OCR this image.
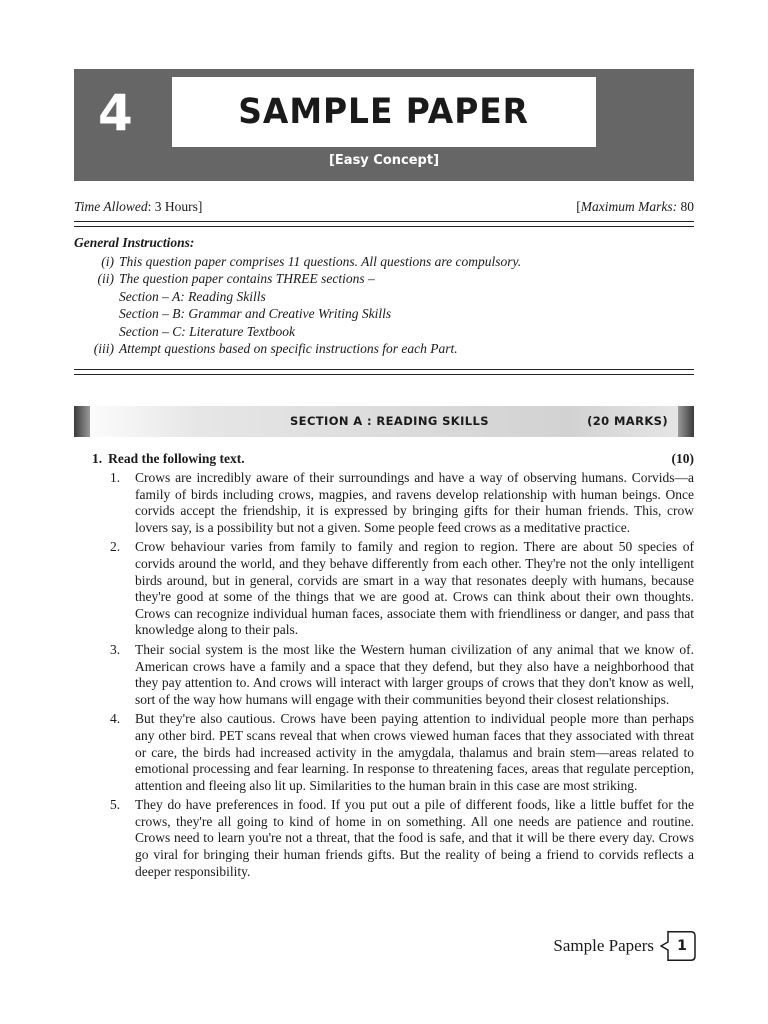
4	SAMPLE PAPER
[Easy Concept]
Time Allowed: 3 Hours]	[Maximum Marks: 80
General Instructions:
(i) This question paper comprises 11 questions. All questions are compulsory.
(ii) The question paper contains THREE sections –
Section – A: Reading Skills
Section – B: Grammar and Creative Writing Skills
Section – C: Literature Textbook
(iii) Attempt questions based on specific instructions for each Part.
SECTION A : READING SKILLS	(20 MARKS)
1. Read the following text.	(10)
1.	Crows are incredibly aware of their surroundings and have a way of observing humans. Corvids—a family of birds including crows, magpies, and ravens develop relationship with human beings. Once corvids accept the friendship, it is expressed by bringing gifts for their human friends. This, crow lovers say, is a possibility but not a given. Some people feed crows as a meditative practice.
2.	Crow behaviour varies from family to family and region to region. There are about 50 species of corvids around the world, and they behave differently from each other. They're not the only intelligent birds around, but in general, corvids are smart in a way that resonates deeply with humans, because they're good at some of the things that we are good at. Crows can think about their own thoughts. Crows can recognize individual human faces, associate them with friendliness or danger, and pass that knowledge along to their pals.
3.	Their social system is the most like the Western human civilization of any animal that we know of. American crows have a family and a space that they defend, but they also have a neighborhood that they pay attention to. And crows will interact with larger groups of crows that they don't know as well, sort of the way how humans will engage with their communities beyond their closest relationships.
4.	But they're also cautious. Crows have been paying attention to individual people more than perhaps any other bird. PET scans reveal that when crows viewed human faces that they associated with threat or care, the birds had increased activity in the amygdala, thalamus and brain stem—areas related to emotional processing and fear learning. In response to threatening faces, areas that regulate perception, attention and fleeing also lit up. Similarities to the human brain in this case are most striking.
5.	They do have preferences in food. If you put out a pile of different foods, like a little buffet for the crows, they're all going to kind of home in on something. All one needs are patience and routine. Crows need to learn you're not a threat, that the food is safe, and that it will be there every day. Crows go viral for bringing their human friends gifts. But the reality of being a friend to corvids reflects a deeper responsibility.
Sample Papers	1
